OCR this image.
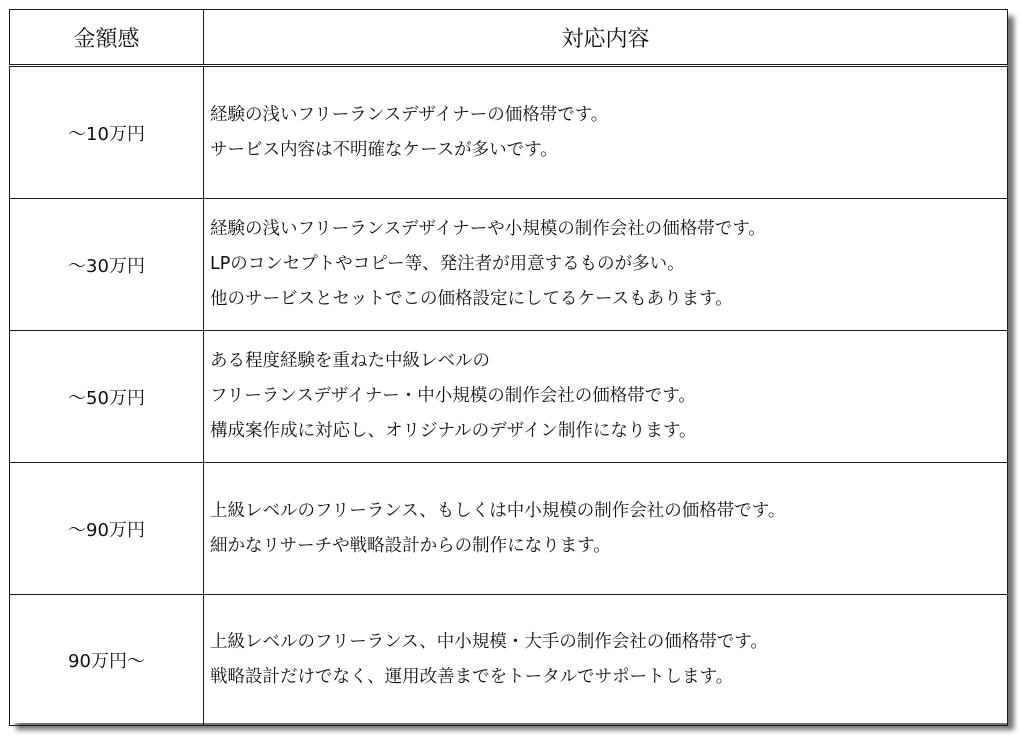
金額感	対応内容
～10万円	経験の浅いフリーランスデザイナーの価格帯です。
サービス内容は不明確なケースが多いです。

～30万円	経験の浅いフリーランスデザイナーや小規模の制作会社の価格帯です。
LPのコンセプトやコピー等、発注者が用意するものが多い。
他のサービスとセットでこの価格設定にしてるケースもあります。

～50万円	ある程度経験を重ねた中級レベルの
フリーランスデザイナー・中小規模の制作会社の価格帯です。
構成案作成に対応し、オリジナルのデザイン制作になります。

～90万円	上級レベルのフリーランス、もしくは中小規模の制作会社の価格帯です。
細かなリサーチや戦略設計からの制作になります。

90万円～	上級レベルのフリーランス、中小規模・大手の制作会社の価格帯です。
戦略設計だけでなく、運用改善までをトータルでサポートします。
